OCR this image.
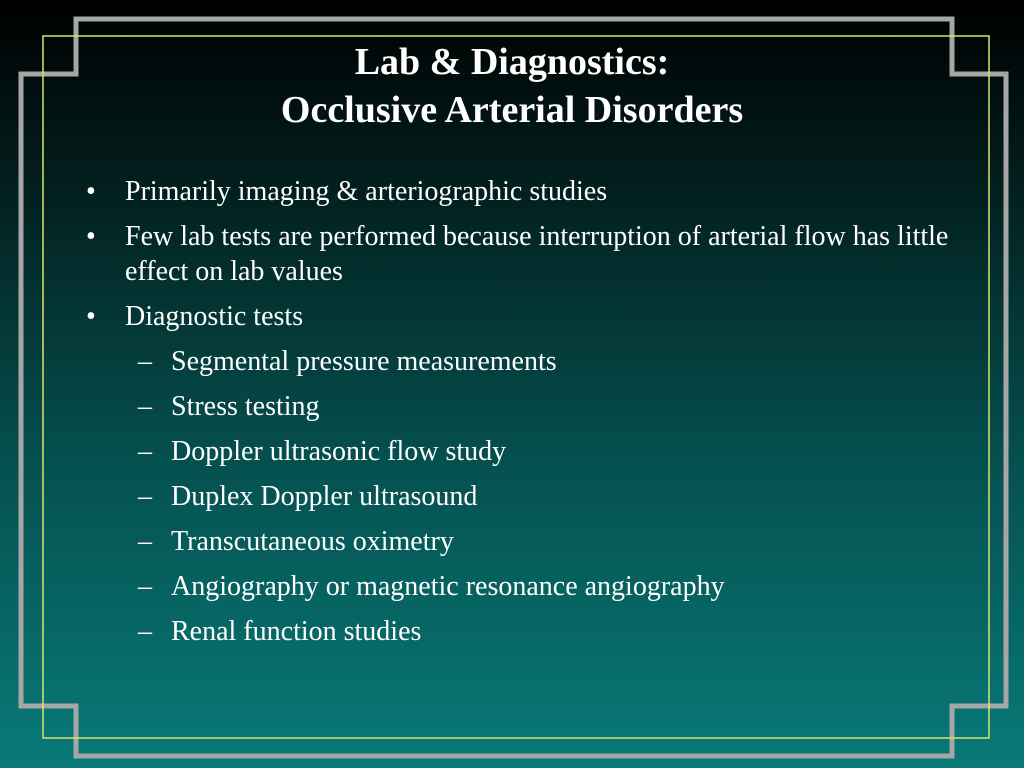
Lab & Diagnostics:
Occlusive Arterial Disorders
• Primarily imaging & arteriographic studies
• Few lab tests are performed because interruption of arterial flow has little effect on lab values
• Diagnostic tests
– Segmental pressure measurements
– Stress testing
– Doppler ultrasonic flow study
– Duplex Doppler ultrasound
– Transcutaneous oximetry
– Angiography or magnetic resonance angiography
– Renal function studies
